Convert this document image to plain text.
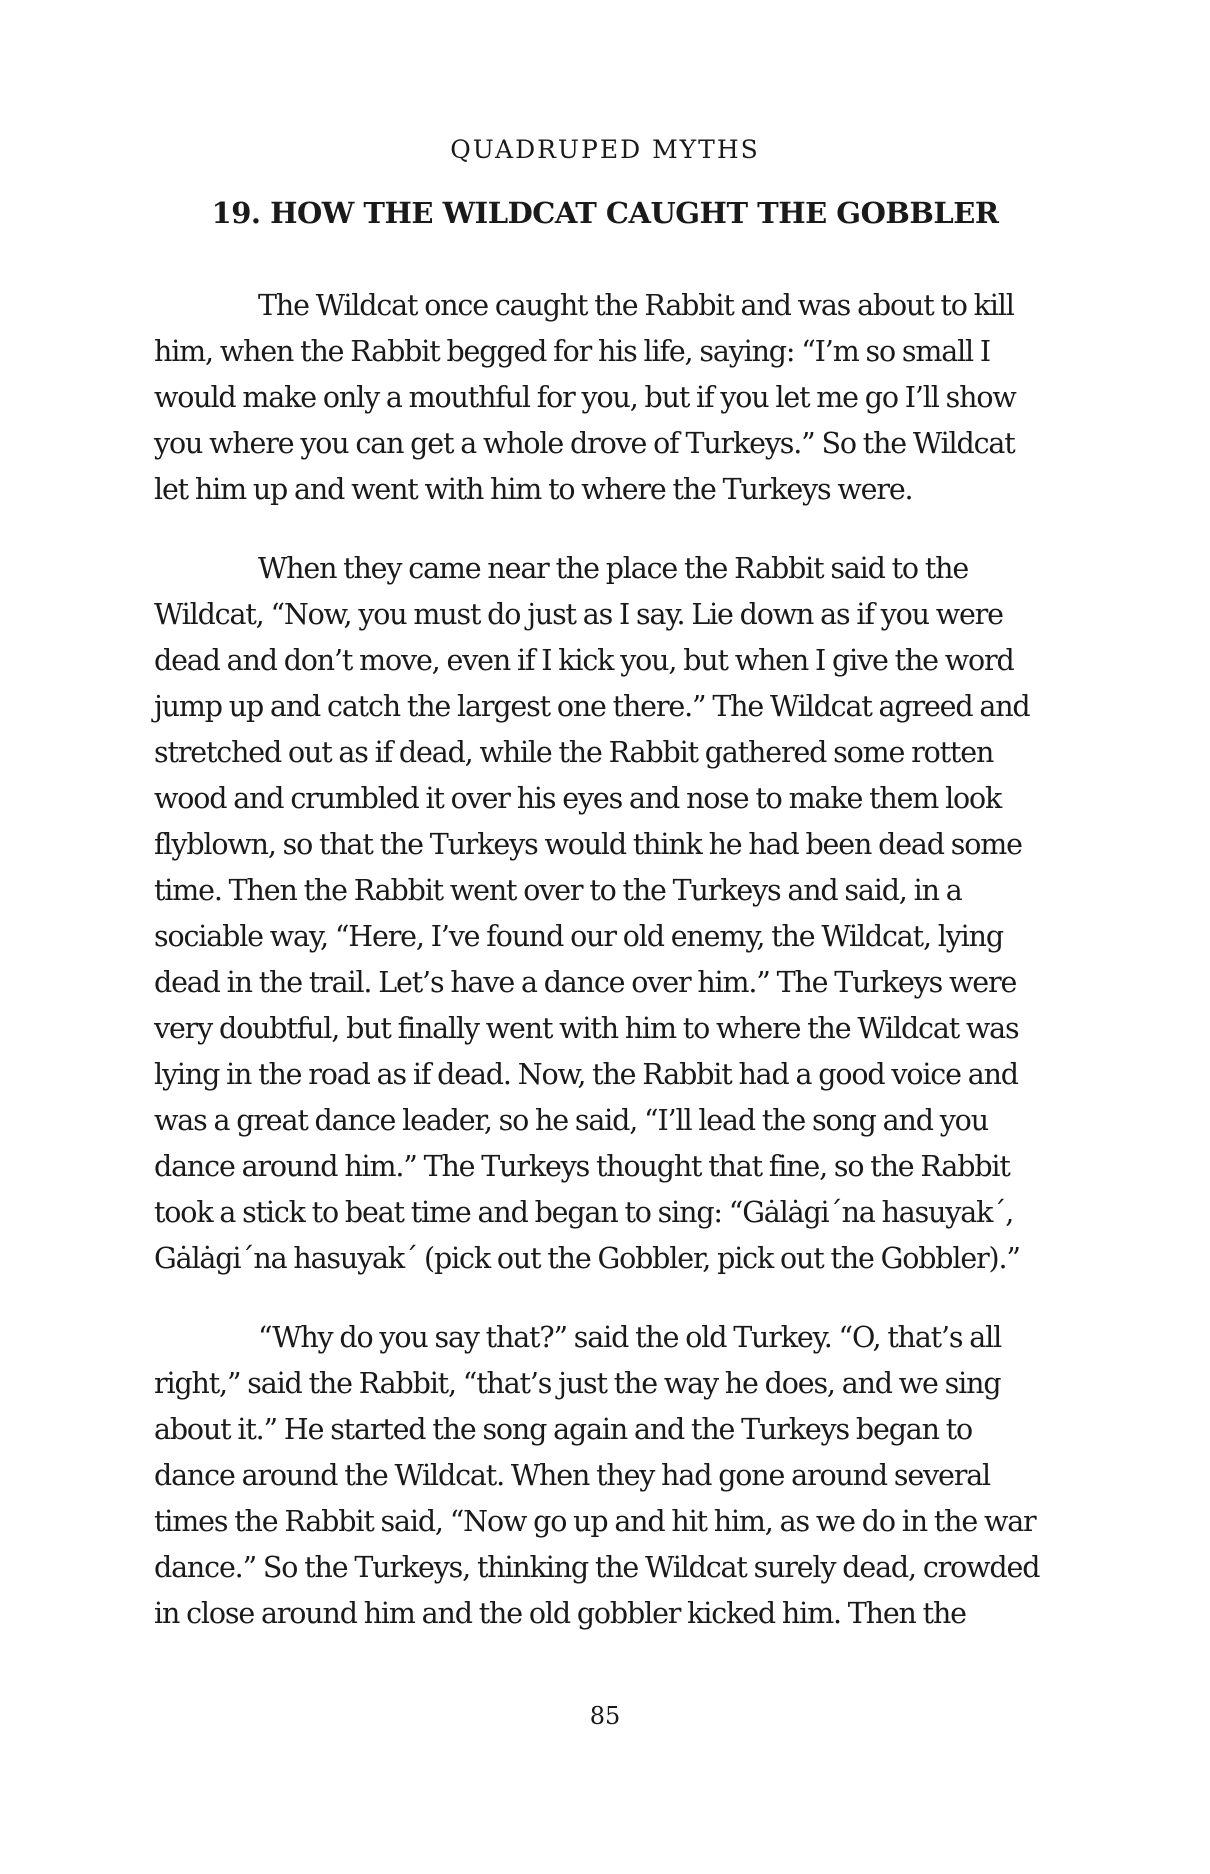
QUADRUPED MYTHS

19. HOW THE WILDCAT CAUGHT THE GOBBLER

The Wildcat once caught the Rabbit and was about to kill
him, when the Rabbit begged for his life, saying: “I’m so small I
would make only a mouthful for you, but if you let me go I’ll show
you where you can get a whole drove of Turkeys.” So the Wildcat
let him up and went with him to where the Turkeys were.

When they came near the place the Rabbit said to the
Wildcat, “Now, you must do just as I say. Lie down as if you were
dead and don’t move, even if I kick you, but when I give the word
jump up and catch the largest one there.” The Wildcat agreed and
stretched out as if dead, while the Rabbit gathered some rotten
wood and crumbled it over his eyes and nose to make them look
flyblown, so that the Turkeys would think he had been dead some
time. Then the Rabbit went over to the Turkeys and said, in a
sociable way, “Here, I’ve found our old enemy, the Wildcat, lying
dead in the trail. Let’s have a dance over him.” The Turkeys were
very doubtful, but finally went with him to where the Wildcat was
lying in the road as if dead. Now, the Rabbit had a good voice and
was a great dance leader, so he said, “I’ll lead the song and you
dance around him.” The Turkeys thought that fine, so the Rabbit
took a stick to beat time and began to sing: “Gȧlȧgi´na hasuyak´,
Gȧlȧgi´na hasuyak´ (pick out the Gobbler, pick out the Gobbler).”

“Why do you say that?” said the old Turkey. “O, that’s all
right,” said the Rabbit, “that’s just the way he does, and we sing
about it.” He started the song again and the Turkeys began to
dance around the Wildcat. When they had gone around several
times the Rabbit said, “Now go up and hit him, as we do in the war
dance.” So the Turkeys, thinking the Wildcat surely dead, crowded
in close around him and the old gobbler kicked him. Then the

85
